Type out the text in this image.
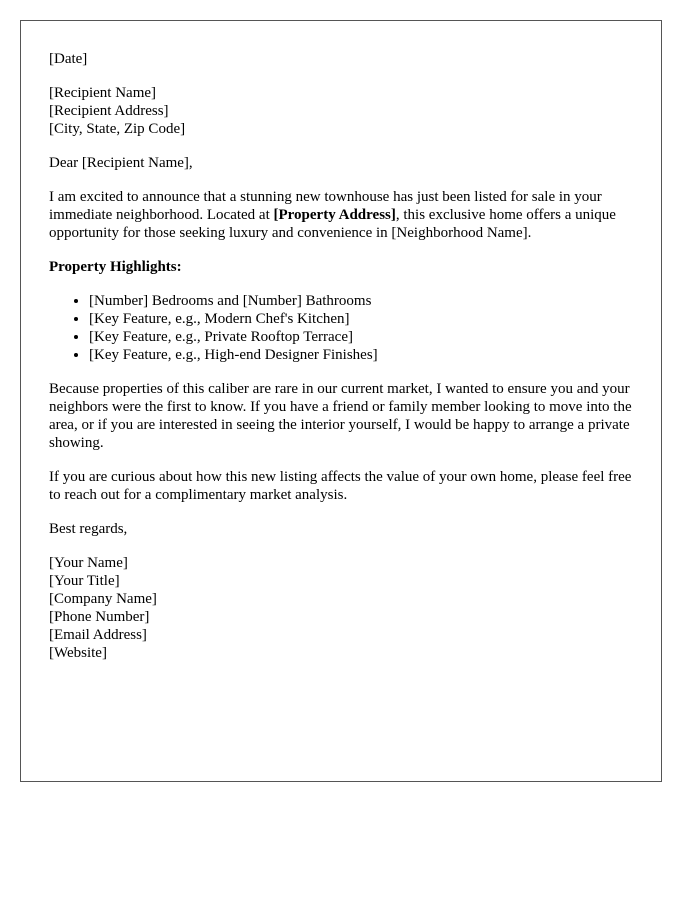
[Date]

[Recipient Name]
[Recipient Address]
[City, State, Zip Code]

Dear [Recipient Name],

I am excited to announce that a stunning new townhouse has just been listed for sale in your immediate neighborhood. Located at [Property Address], this exclusive home offers a unique opportunity for those seeking luxury and convenience in [Neighborhood Name].

Property Highlights:

• [Number] Bedrooms and [Number] Bathrooms
• [Key Feature, e.g., Modern Chef's Kitchen]
• [Key Feature, e.g., Private Rooftop Terrace]
• [Key Feature, e.g., High-end Designer Finishes]

Because properties of this caliber are rare in our current market, I wanted to ensure you and your neighbors were the first to know. If you have a friend or family member looking to move into the area, or if you are interested in seeing the interior yourself, I would be happy to arrange a private showing.

If you are curious about how this new listing affects the value of your own home, please feel free to reach out for a complimentary market analysis.

Best regards,

[Your Name]
[Your Title]
[Company Name]
[Phone Number]
[Email Address]
[Website]
